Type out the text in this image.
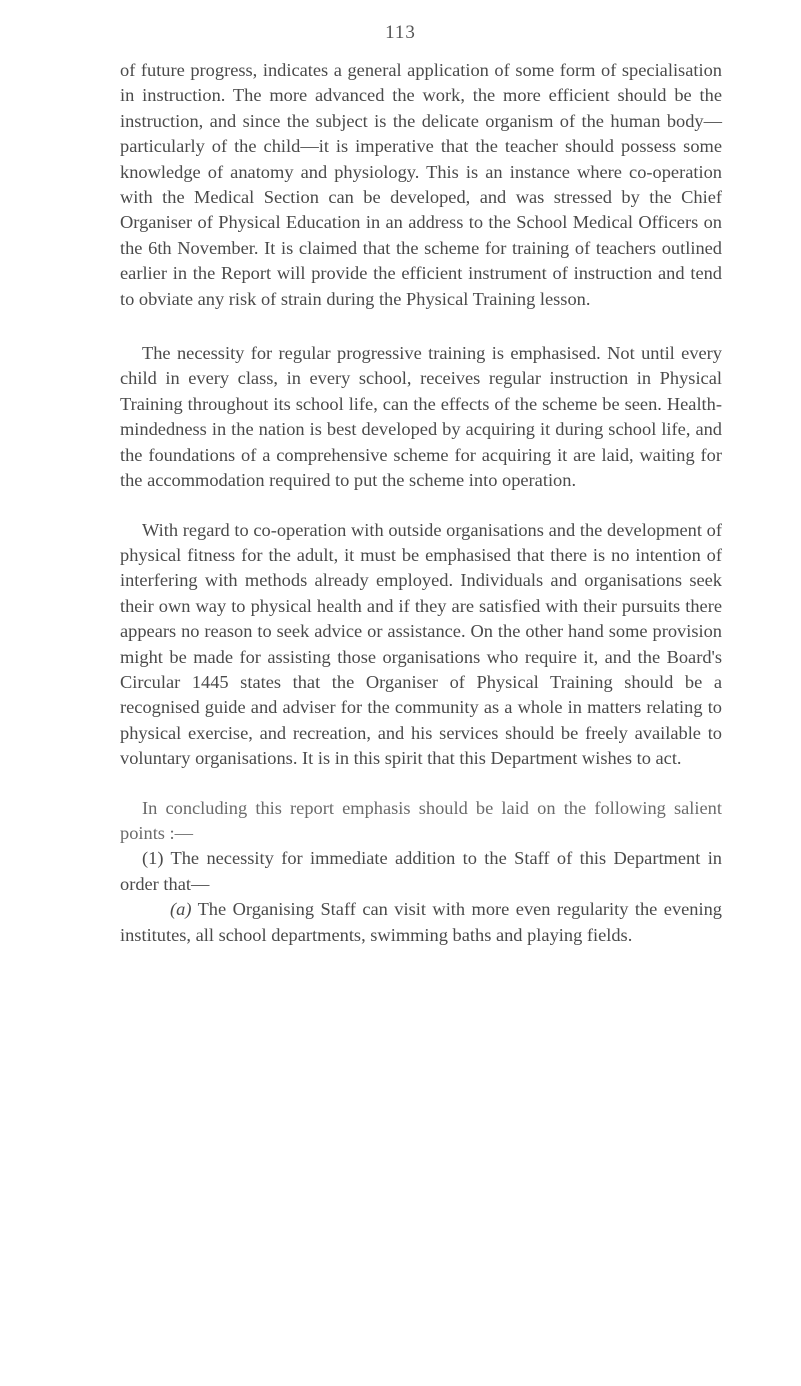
113

of future progress, indicates a general application of some form of specialisation in instruction. The more advanced the work, the more efficient should be the instruction, and since the subject is the delicate organism of the human body—particularly of the child—it is imperative that the teacher should possess some knowledge of anatomy and physiology. This is an instance where co-operation with the Medical Section can be developed, and was stressed by the Chief Organiser of Physical Education in an address to the School Medical Officers on the 6th November. It is claimed that the scheme for training of teachers outlined earlier in the Report will provide the efficient instrument of instruction and tend to obviate any risk of strain during the Physical Training lesson.

The necessity for regular progressive training is emphasised. Not until every child in every class, in every school, receives regular instruction in Physical Training throughout its school life, can the effects of the scheme be seen. Health-mindedness in the nation is best developed by acquiring it during school life, and the foundations of a comprehensive scheme for acquiring it are laid, waiting for the accommodation required to put the scheme into operation.

With regard to co-operation with outside organisations and the development of physical fitness for the adult, it must be emphasised that there is no intention of interfering with methods already employed. Individuals and organisations seek their own way to physical health and if they are satisfied with their pursuits there appears no reason to seek advice or assistance. On the other hand some provision might be made for assisting those organisations who require it, and the Board's Circular 1445 states that the Organiser of Physical Training should be a recognised guide and adviser for the community as a whole in matters relating to physical exercise, and recreation, and his services should be freely available to voluntary organisations. It is in this spirit that this Department wishes to act.

In concluding this report emphasis should be laid on the following salient points :—

(1) The necessity for immediate addition to the Staff of this Department in order that—

(a) The Organising Staff can visit with more even regularity the evening institutes, all school departments, swimming baths and playing fields.
